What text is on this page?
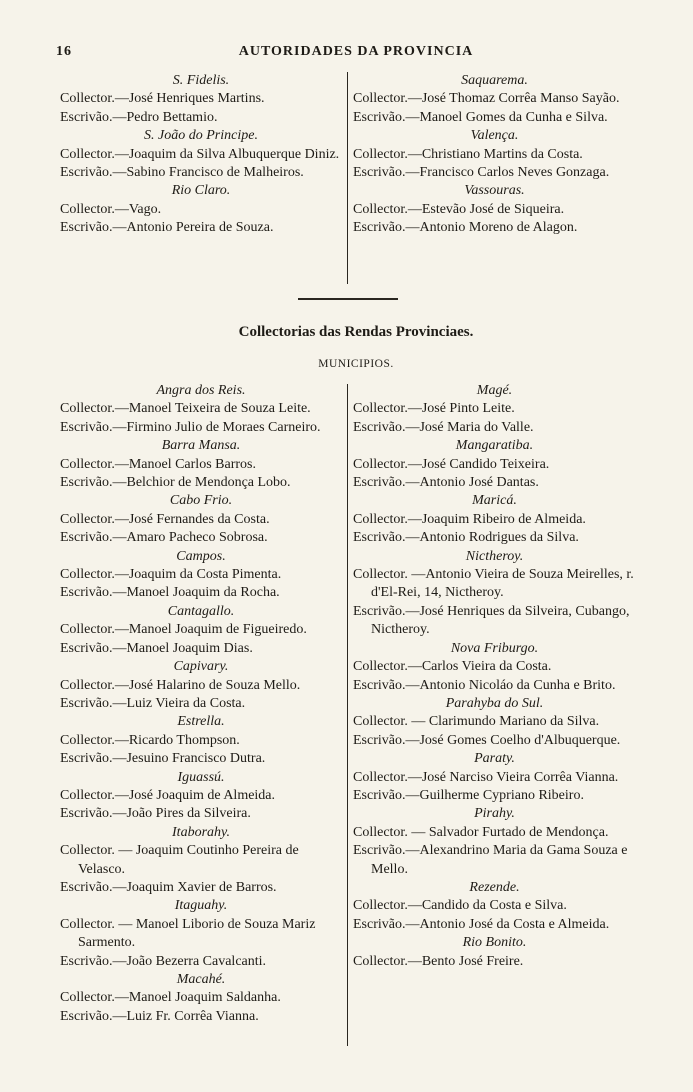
16	AUTORIDADES DA PROVINCIA

S. Fidelis.

Collector.—José Henriques Martins.

Escrivão.—Pedro Bettamio.

S. João do Principe.

Collector.—Joaquim da Silva Albuquerque Diniz.

Escrivão.—Sabino Francisco de Malheiros.

Rio Claro.

Collector.—Vago.

Escrivão.—Antonio Pereira de Souza.

Saquarema.

Collector.—José Thomaz Corrêa Manso Sayão.

Escrivão.—Manoel Gomes da Cunha e Silva.

Valença.

Collector.—Christiano Martins da Costa.

Escrivão.—Francisco Carlos Neves Gonzaga.

Vassouras.

Collector.—Estevão José de Siqueira.

Escrivão.—Antonio Moreno de Alagon.

Collectorias das Rendas Provinciaes.
MUNICIPIOS.

Angra dos Reis.

Collector.—Manoel Teixeira de Souza Leite.

Escrivão.—Firmino Julio de Moraes Carneiro.

Barra Mansa.

Collector.—Manoel Carlos Barros.

Escrivão.—Belchior de Mendonça Lobo.

Cabo Frio.

Collector.—José Fernandes da Costa.

Escrivão.—Amaro Pacheco Sobrosa.

Campos.

Collector.—Joaquim da Costa Pimenta.

Escrivão.—Manoel Joaquim da Rocha.

Cantagallo.

Collector.—Manoel Joaquim de Figueiredo.

Escrivão.—Manoel Joaquim Dias.

Capivary.

Collector.—José Halarino de Souza Mello.

Escrivão.—Luiz Vieira da Costa.

Estrella.

Collector.—Ricardo Thompson.

Escrivão.—Jesuino Francisco Dutra.

Iguassú.

Collector.—José Joaquim de Almeida.

Escrivão.—João Pires da Silveira.

Itaborahy.

Collector. — Joaquim Coutinho Pereira de Velasco.

Escrivão.—Joaquim Xavier de Barros.

Itaguahy.

Collector. — Manoel Liborio de Souza Mariz Sarmento.

Escrivão.—João Bezerra Cavalcanti.

Macahé.

Collector.—Manoel Joaquim Saldanha.

Escrivão.—Luiz Fr. Corrêa Vianna.

Magé.

Collector.—José Pinto Leite.

Escrivão.—José Maria do Valle.

Mangaratiba.

Collector.—José Candido Teixeira.

Escrivão.—Antonio José Dantas.

Maricá.

Collector.—Joaquim Ribeiro de Almeida.

Escrivão.—Antonio Rodrigues da Silva.

Nictheroy.

Collector. —Antonio Vieira de Souza Meirelles, r. d'El-Rei, 14, Nictheroy.

Escrivão.—José Henriques da Silveira, Cubango, Nictheroy.

Nova Friburgo.

Collector.—Carlos Vieira da Costa.

Escrivão.—Antonio Nicoláo da Cunha e Brito.

Parahyba do Sul.

Collector. — Clarimundo Mariano da Silva.

Escrivão.—José Gomes Coelho d'Albuquerque.

Paraty.

Collector.—José Narciso Vieira Corrêa Vianna.

Escrivão.—Guilherme Cypriano Ribeiro.

Pirahy.

Collector. — Salvador Furtado de Mendonça.

Escrivão.—Alexandrino Maria da Gama Souza e Mello.

Rezende.

Collector.—Candido da Costa e Silva.

Escrivão.—Antonio José da Costa e Almeida.

Rio Bonito.

Collector.—Bento José Freire.
